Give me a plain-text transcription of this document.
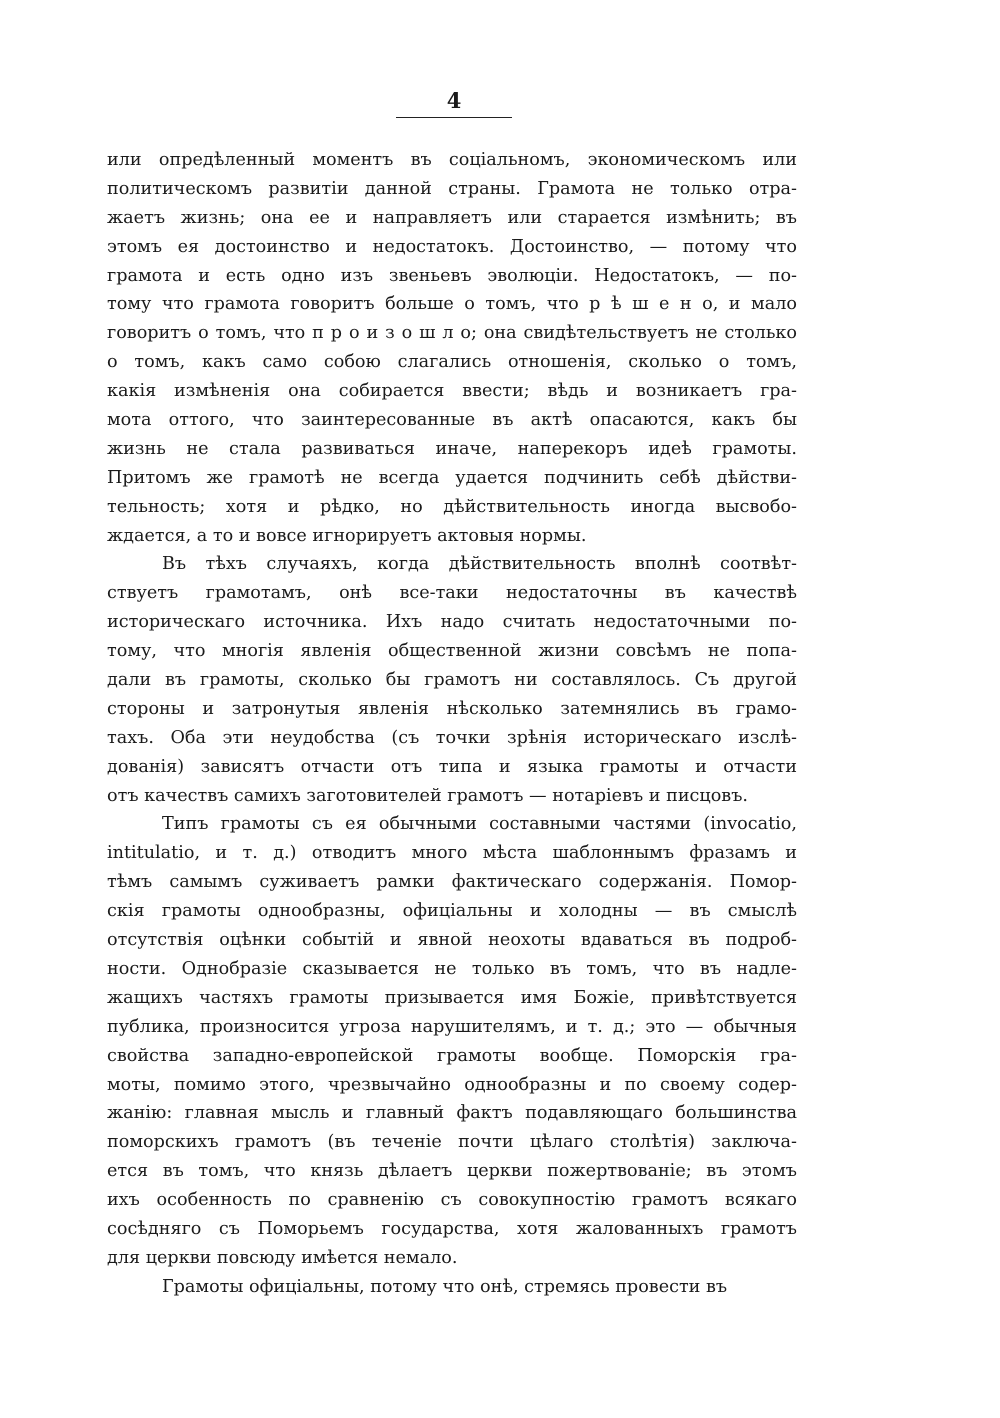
4
или опредѣленный моментъ въ соціальномъ, экономическомъ или
политическомъ развитіи данной страны. Грамота не только отра-
жаетъ жизнь; она ее и направляетъ или старается измѣнить; въ
этомъ ея достоинство и недостатокъ. Достоинство, — потому что
грамота и есть одно изъ звеньевъ эволюціи. Недостатокъ, — по-
тому что грамота говоритъ больше о томъ, что р ѣ ш е н о, и мало
говоритъ о томъ, что п р о и з о ш л о; она свидѣтельствуетъ не столько
о томъ, какъ само собою слагались отношенія, сколько о томъ,
какія измѣненія она собирается ввести; вѣдь и возникаетъ гра-
мота оттого, что заинтересованные въ актѣ опасаются, какъ бы
жизнь не стала развиваться иначе, наперекоръ идеѣ грамоты.
Притомъ же грамотѣ не всегда удается подчинить себѣ дѣйстви-
тельность; хотя и рѣдко, но дѣйствительность иногда высвобо-
ждается, а то и вовсе игнорируетъ актовыя нормы.
Въ тѣхъ случаяхъ, когда дѣйствительность вполнѣ соотвѣт-
ствуетъ грамотамъ, онѣ все-таки недостаточны въ качествѣ
историческаго источника. Ихъ надо считать недостаточными по-
тому, что многія явленія общественной жизни совсѣмъ не попа-
дали въ грамоты, сколько бы грамотъ ни составлялось. Съ другой
стороны и затронутыя явленія нѣсколько затемнялись въ грамо-
тахъ. Оба эти неудобства (съ точки зрѣнія историческаго изслѣ-
дованія) зависятъ отчасти отъ типа и языка грамоты и отчасти
отъ качествъ самихъ заготовителей грамотъ — нотаріевъ и писцовъ.
Типъ грамоты съ ея обычными составными частями (invocatio,
intitulatio, и т. д.) отводитъ много мѣста шаблоннымъ фразамъ и
тѣмъ самымъ суживаетъ рамки фактическаго содержанія. Помор-
скія грамоты однообразны, офиціальны и холодны — въ смыслѣ
отсутствія оцѣнки событій и явной неохоты вдаваться въ подроб-
ности. Однобразіе сказывается не только въ томъ, что въ надле-
жащихъ частяхъ грамоты призывается имя Божіе, привѣтствуется
публика, произносится угроза нарушителямъ, и т. д.; это — обычныя
свойства западно-европейской грамоты вообще. Поморскія гра-
моты, помимо этого, чрезвычайно однообразны и по своему содер-
жанію: главная мысль и главный фактъ подавляющаго большинства
поморскихъ грамотъ (въ теченіе почти цѣлаго столѣтія) заключа-
ется въ томъ, что князь дѣлаетъ церкви пожертвованіе; въ этомъ
ихъ особенность по сравненію съ совокупностію грамотъ всякаго
сосѣдняго съ Поморьемъ государства, хотя жалованныхъ грамотъ
для церкви повсюду имѣется немало.
Грамоты офиціальны, потому что онѣ, стремясь провести въ
